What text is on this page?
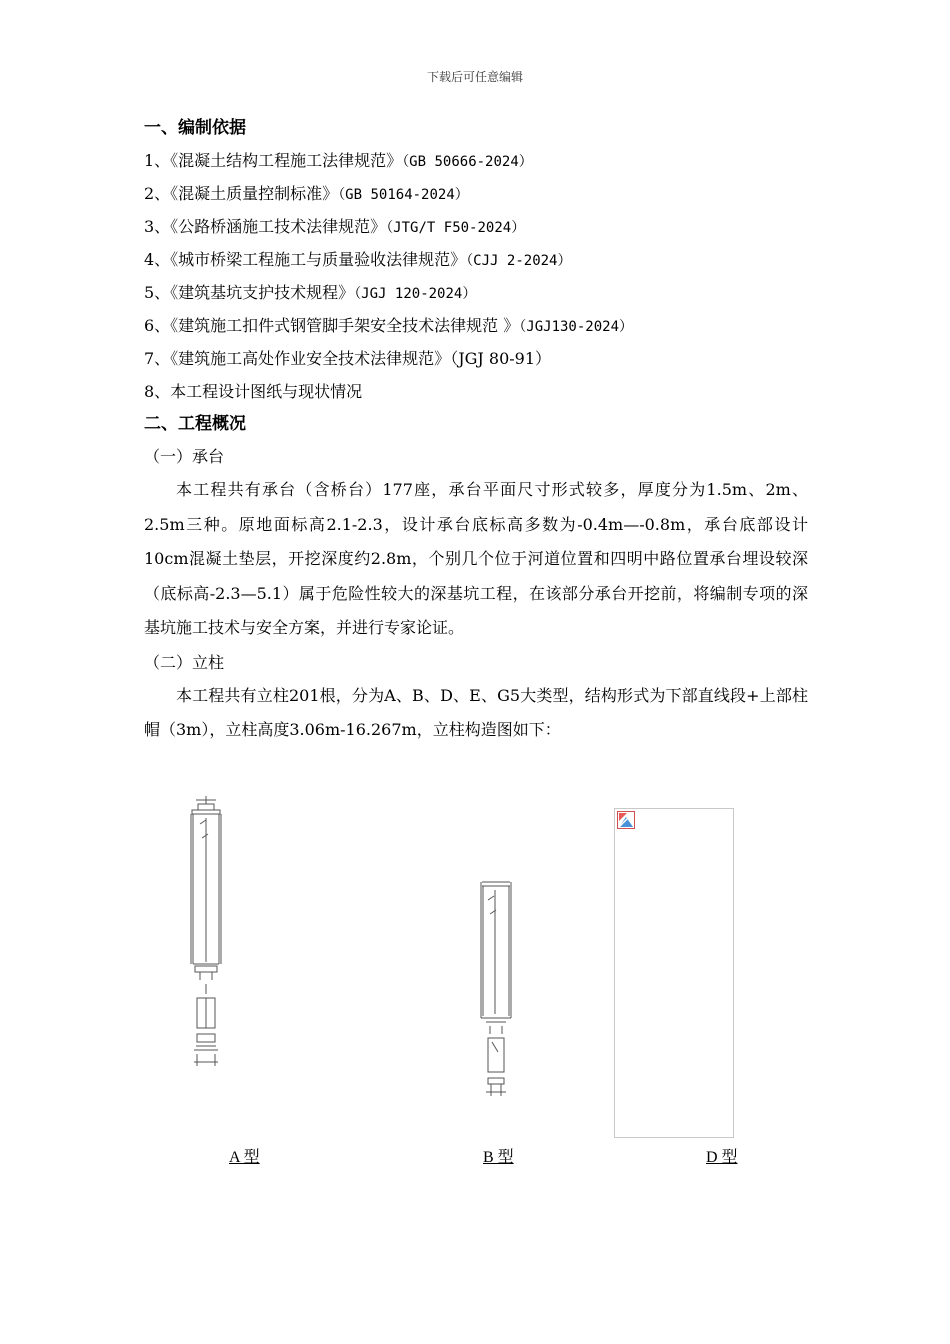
下载后可任意编辑
一、编制依据
1、《混凝土结构工程施工法律规范》（GB 50666-2024）
2、《混凝土质量控制标准》（GB 50164-2024）
3、《公路桥涵施工技术法律规范》（JTG/T F50-2024）
4、《城市桥梁工程施工与质量验收法律规范》（CJJ 2-2024）
5、《建筑基坑支护技术规程》（JGJ 120-2024）
6、《建筑施工扣件式钢管脚手架安全技术法律规范 》（JGJ130-2024）
7、《建筑施工高处作业安全技术法律规范》（JGJ 80-91）
8、本工程设计图纸与现状情况
二、工程概况
（一）承台
本工程共有承台（含桥台）177座，承台平面尺寸形式较多，厚度分为1.5m、2m、2.5m三种。原地面标高2.1-2.3，设计承台底标高多数为-0.4m—-0.8m，承台底部设计10cm混凝土垫层，开挖深度约2.8m，个别几个位于河道位置和四明中路位置承台埋设较深（底标高-2.3—5.1）属于危险性较大的深基坑工程，在该部分承台开挖前，将编制专项的深基坑施工技术与安全方案，并进行专家论证。
（二）立柱
本工程共有立柱201根，分为A、B、D、E、G5大类型，结构形式为下部直线段+上部柱帽（3m），立柱高度3.06m-16.267m，立柱构造图如下：
A 型	B 型	D 型
